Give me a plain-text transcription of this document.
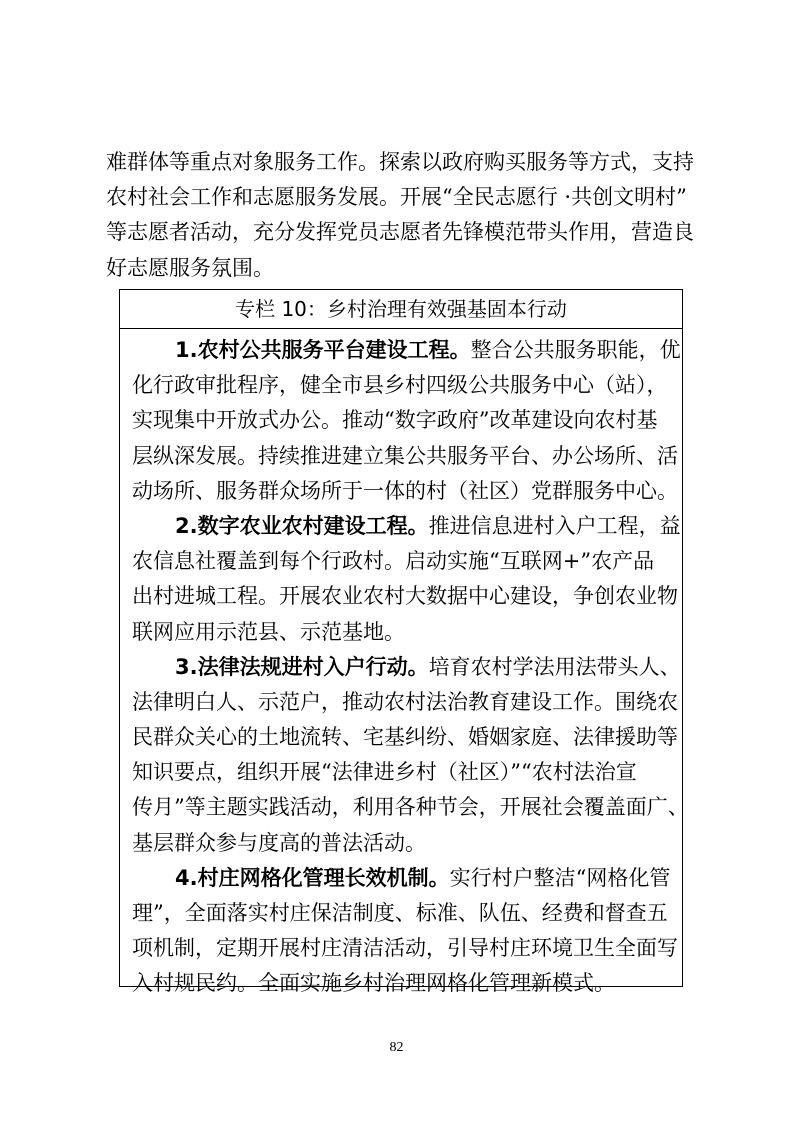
难群体等重点对象服务工作。探索以政府购买服务等方式，支持
农村社会工作和志愿服务发展。开展“全民志愿行 ·共创文明村”
等志愿者活动，充分发挥党员志愿者先锋模范带头作用，营造良
好志愿服务氛围。
专栏 10：乡村治理有效强基固本行动
1.农村公共服务平台建设工程。整合公共服务职能，优
化行政审批程序，健全市县乡村四级公共服务中心（站），
实现集中开放式办公。推动“数字政府”改革建设向农村基
层纵深发展。持续推进建立集公共服务平台、办公场所、活
动场所、服务群众场所于一体的村（社区）党群服务中心。
2.数字农业农村建设工程。推进信息进村入户工程，益
农信息社覆盖到每个行政村。启动实施“互联网+”农产品
出村进城工程。开展农业农村大数据中心建设，争创农业物
联网应用示范县、示范基地。
3.法律法规进村入户行动。培育农村学法用法带头人、
法律明白人、示范户，推动农村法治教育建设工作。围绕农
民群众关心的土地流转、宅基纠纷、婚姻家庭、法律援助等
知识要点，组织开展“法律进乡村（社区）”“农村法治宣
传月”等主题实践活动，利用各种节会，开展社会覆盖面广、
基层群众参与度高的普法活动。
4.村庄网格化管理长效机制。实行村户整洁“网格化管
理”，全面落实村庄保洁制度、标准、队伍、经费和督查五
项机制，定期开展村庄清洁活动，引导村庄环境卫生全面写
入村规民约。全面实施乡村治理网格化管理新模式。
82
